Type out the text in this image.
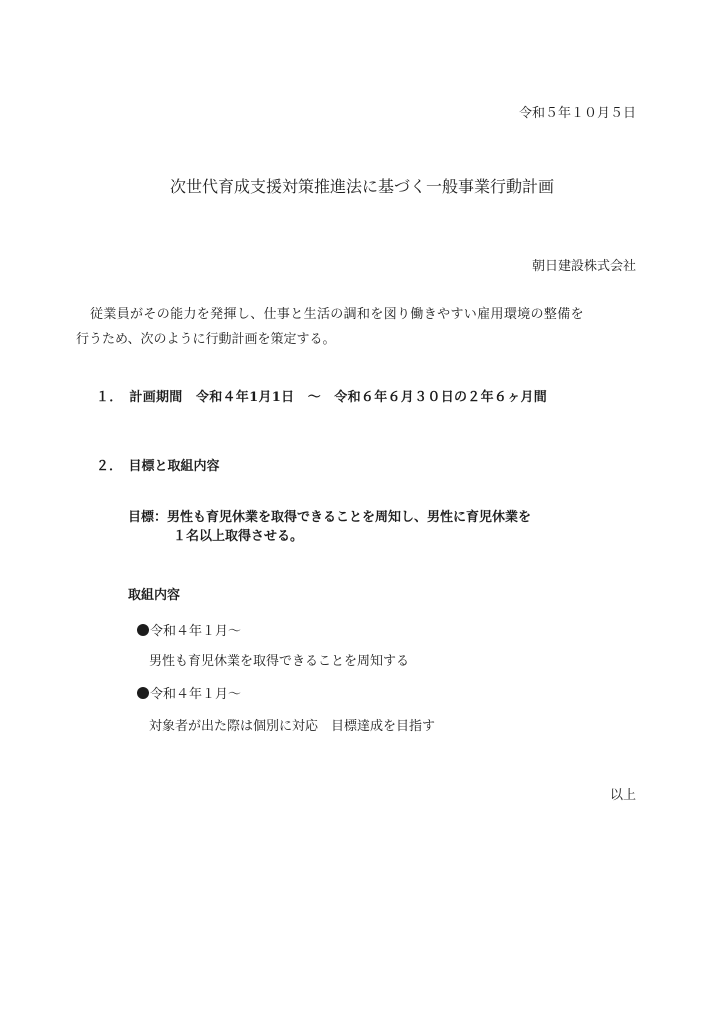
令和５年１０月５日
次世代育成支援対策推進法に基づく一般事業行動計画
朝日建設株式会社
従業員がその能力を発揮し、仕事と生活の調和を図り働きやすい雇用環境の整備を
行うため、次のように行動計画を策定する。
１．　計画期間　令和４年1月1日　～　令和６年６月３０日の２年６ヶ月間
２．　目標と取組内容
目標：男性も育児休業を取得できることを周知し、男性に育児休業を
１名以上取得させる。
取組内容
令和４年１月～
男性も育児休業を取得できることを周知する
令和４年１月～
対象者が出た際は個別に対応　目標達成を目指す
以上
